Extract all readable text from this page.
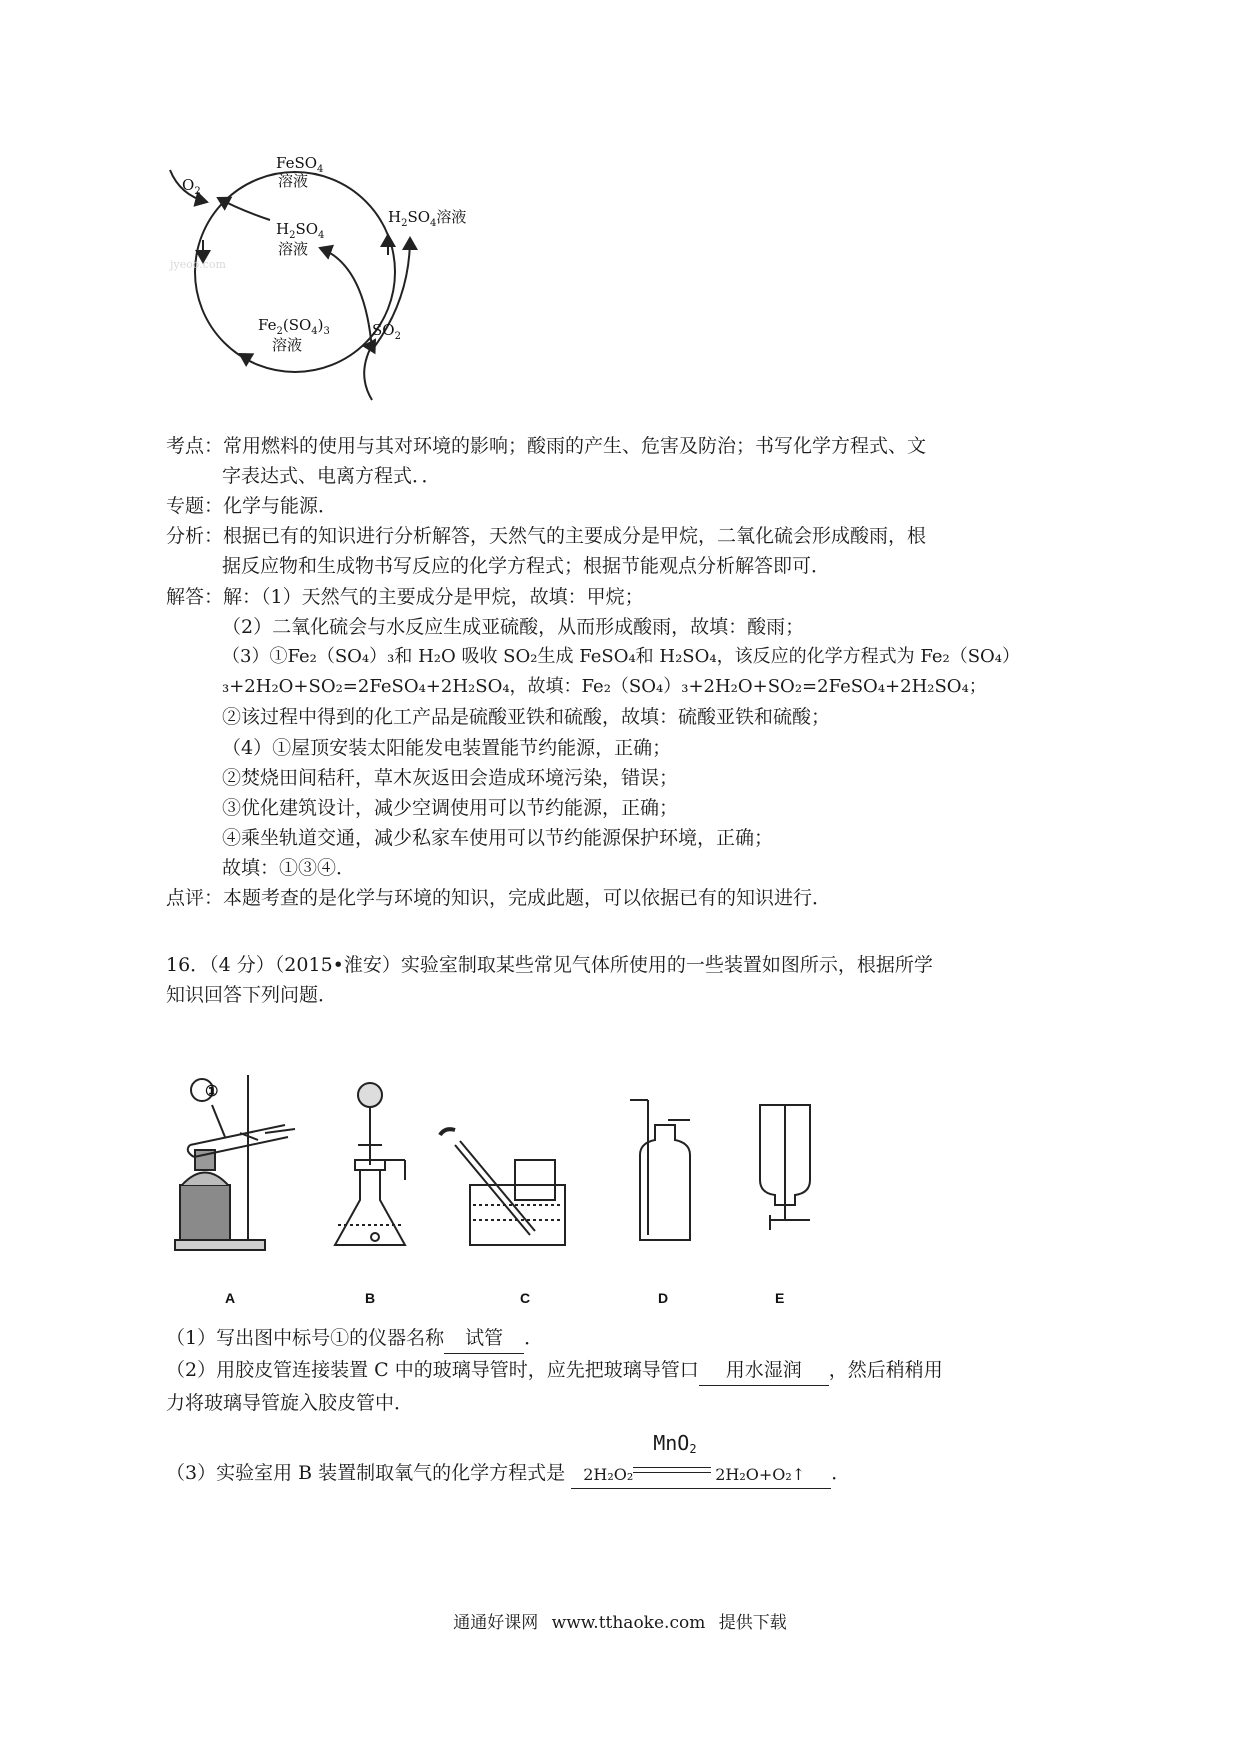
$O_2$
FeSO$_4$
溶液
$H_2SO_4$
溶液
$H_2SO_4$溶液
$Fe_2(SO_4)_3$
溶液
$SO_2$
jyeoo.com
考点：常用燃料的使用与其对环境的影响；酸雨的产生、危害及防治；书写化学方程式、文
字表达式、电离方程式．．
专题：化学与能源．
分析：根据已有的知识进行分析解答，天然气的主要成分是甲烷，二氧化硫会形成酸雨，根
据反应物和生成物书写反应的化学方程式；根据节能观点分析解答即可．
解答：解：（1）天然气的主要成分是甲烷，故填：甲烷；
（2）二氧化硫会与水反应生成亚硫酸，从而形成酸雨，故填：酸雨；
（3）①Fe₂（SO₄）₃和 H₂O 吸收 SO₂生成 FeSO₄和 H₂SO₄，该反应的化学方程式为 Fe₂（SO₄）
₃+2H₂O+SO₂=2FeSO₄+2H₂SO₄，故填：Fe₂（SO₄）₃+2H₂O+SO₂=2FeSO₄+2H₂SO₄；
②该过程中得到的化工产品是硫酸亚铁和硫酸，故填：硫酸亚铁和硫酸；
（4）①屋顶安装太阳能发电装置能节约能源，正确；
②焚烧田间秸秆，草木灰返田会造成环境污染，错误；
③优化建筑设计，减少空调使用可以节约能源，正确；
④乘坐轨道交通，减少私家车使用可以节约能源保护环境，正确；
故填：①③④．
点评：本题考查的是化学与环境的知识，完成此题，可以依据已有的知识进行．
16．（4 分）（2015•淮安）实验室制取某些常见气体所使用的一些装置如图所示，根据所学
知识回答下列问题．
①
A	B	C	D	E
（1）写出图中标号①的仪器名称 试管 ．
（2）用胶皮管连接装置 C 中的玻璃导管时，应先把玻璃导管口 用水湿润 ，然后稍稍用
力将玻璃导管旋入胶皮管中．
（3）实验室用 B 装置制取氧气的化学方程式是 2H₂O₂
MnO$_2$
2H₂O+O₂↑ ．
通通好课网 www.tthaoke.com 提供下载
